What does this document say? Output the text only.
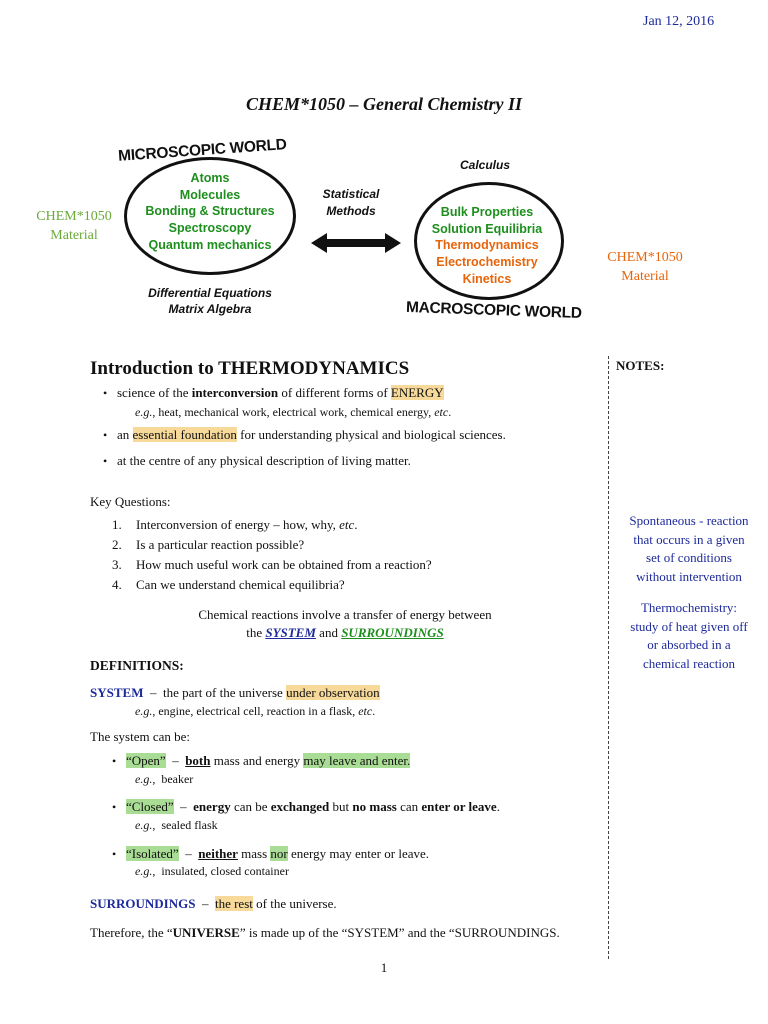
Jan 12, 2016
CHEM*1050 – General Chemistry II
MICROSCOPIC WORLD
Atoms
Molecules
Bonding & Structures
Spectroscopy
Quantum mechanics
Differential Equations
Matrix Algebra
CHEM*1050
Material
Statistical
Methods
Calculus
Bulk Properties
Solution Equilibria
Thermodynamics
Electrochemistry
Kinetics
MACROSCOPIC WORLD
CHEM*1050
Material
Introduction to THERMODYNAMICS
• science of the interconversion of different forms of ENERGY
e.g., heat, mechanical work, electrical work, chemical energy, etc.
• an essential foundation for understanding physical and biological sciences.
• at the centre of any physical description of living matter.
Key Questions:
1. Interconversion of energy – how, why, etc.
2. Is a particular reaction possible?
3. How much useful work can be obtained from a reaction?
4. Can we understand chemical equilibria?
Chemical reactions involve a transfer of energy between
the SYSTEM and SURROUNDINGS
DEFINITIONS:
SYSTEM  –  the part of the universe under observation
e.g., engine, electrical cell, reaction in a flask, etc.
The system can be:
• “Open”  –  both mass and energy may leave and enter.
e.g.,  beaker
• “Closed”  –  energy can be exchanged but no mass can enter or leave.
e.g.,  sealed flask
• “Isolated”  –  neither mass nor energy may enter or leave.
e.g.,  insulated, closed container
SURROUNDINGS  –  the rest of the universe.
Therefore, the “UNIVERSE” is made up of the “SYSTEM” and the “SURROUNDINGS.
NOTES:
Spontaneous - reaction
that occurs in a given
set of conditions
without intervention
Thermochemistry:
study of heat given off
or absorbed in a
chemical reaction
1
